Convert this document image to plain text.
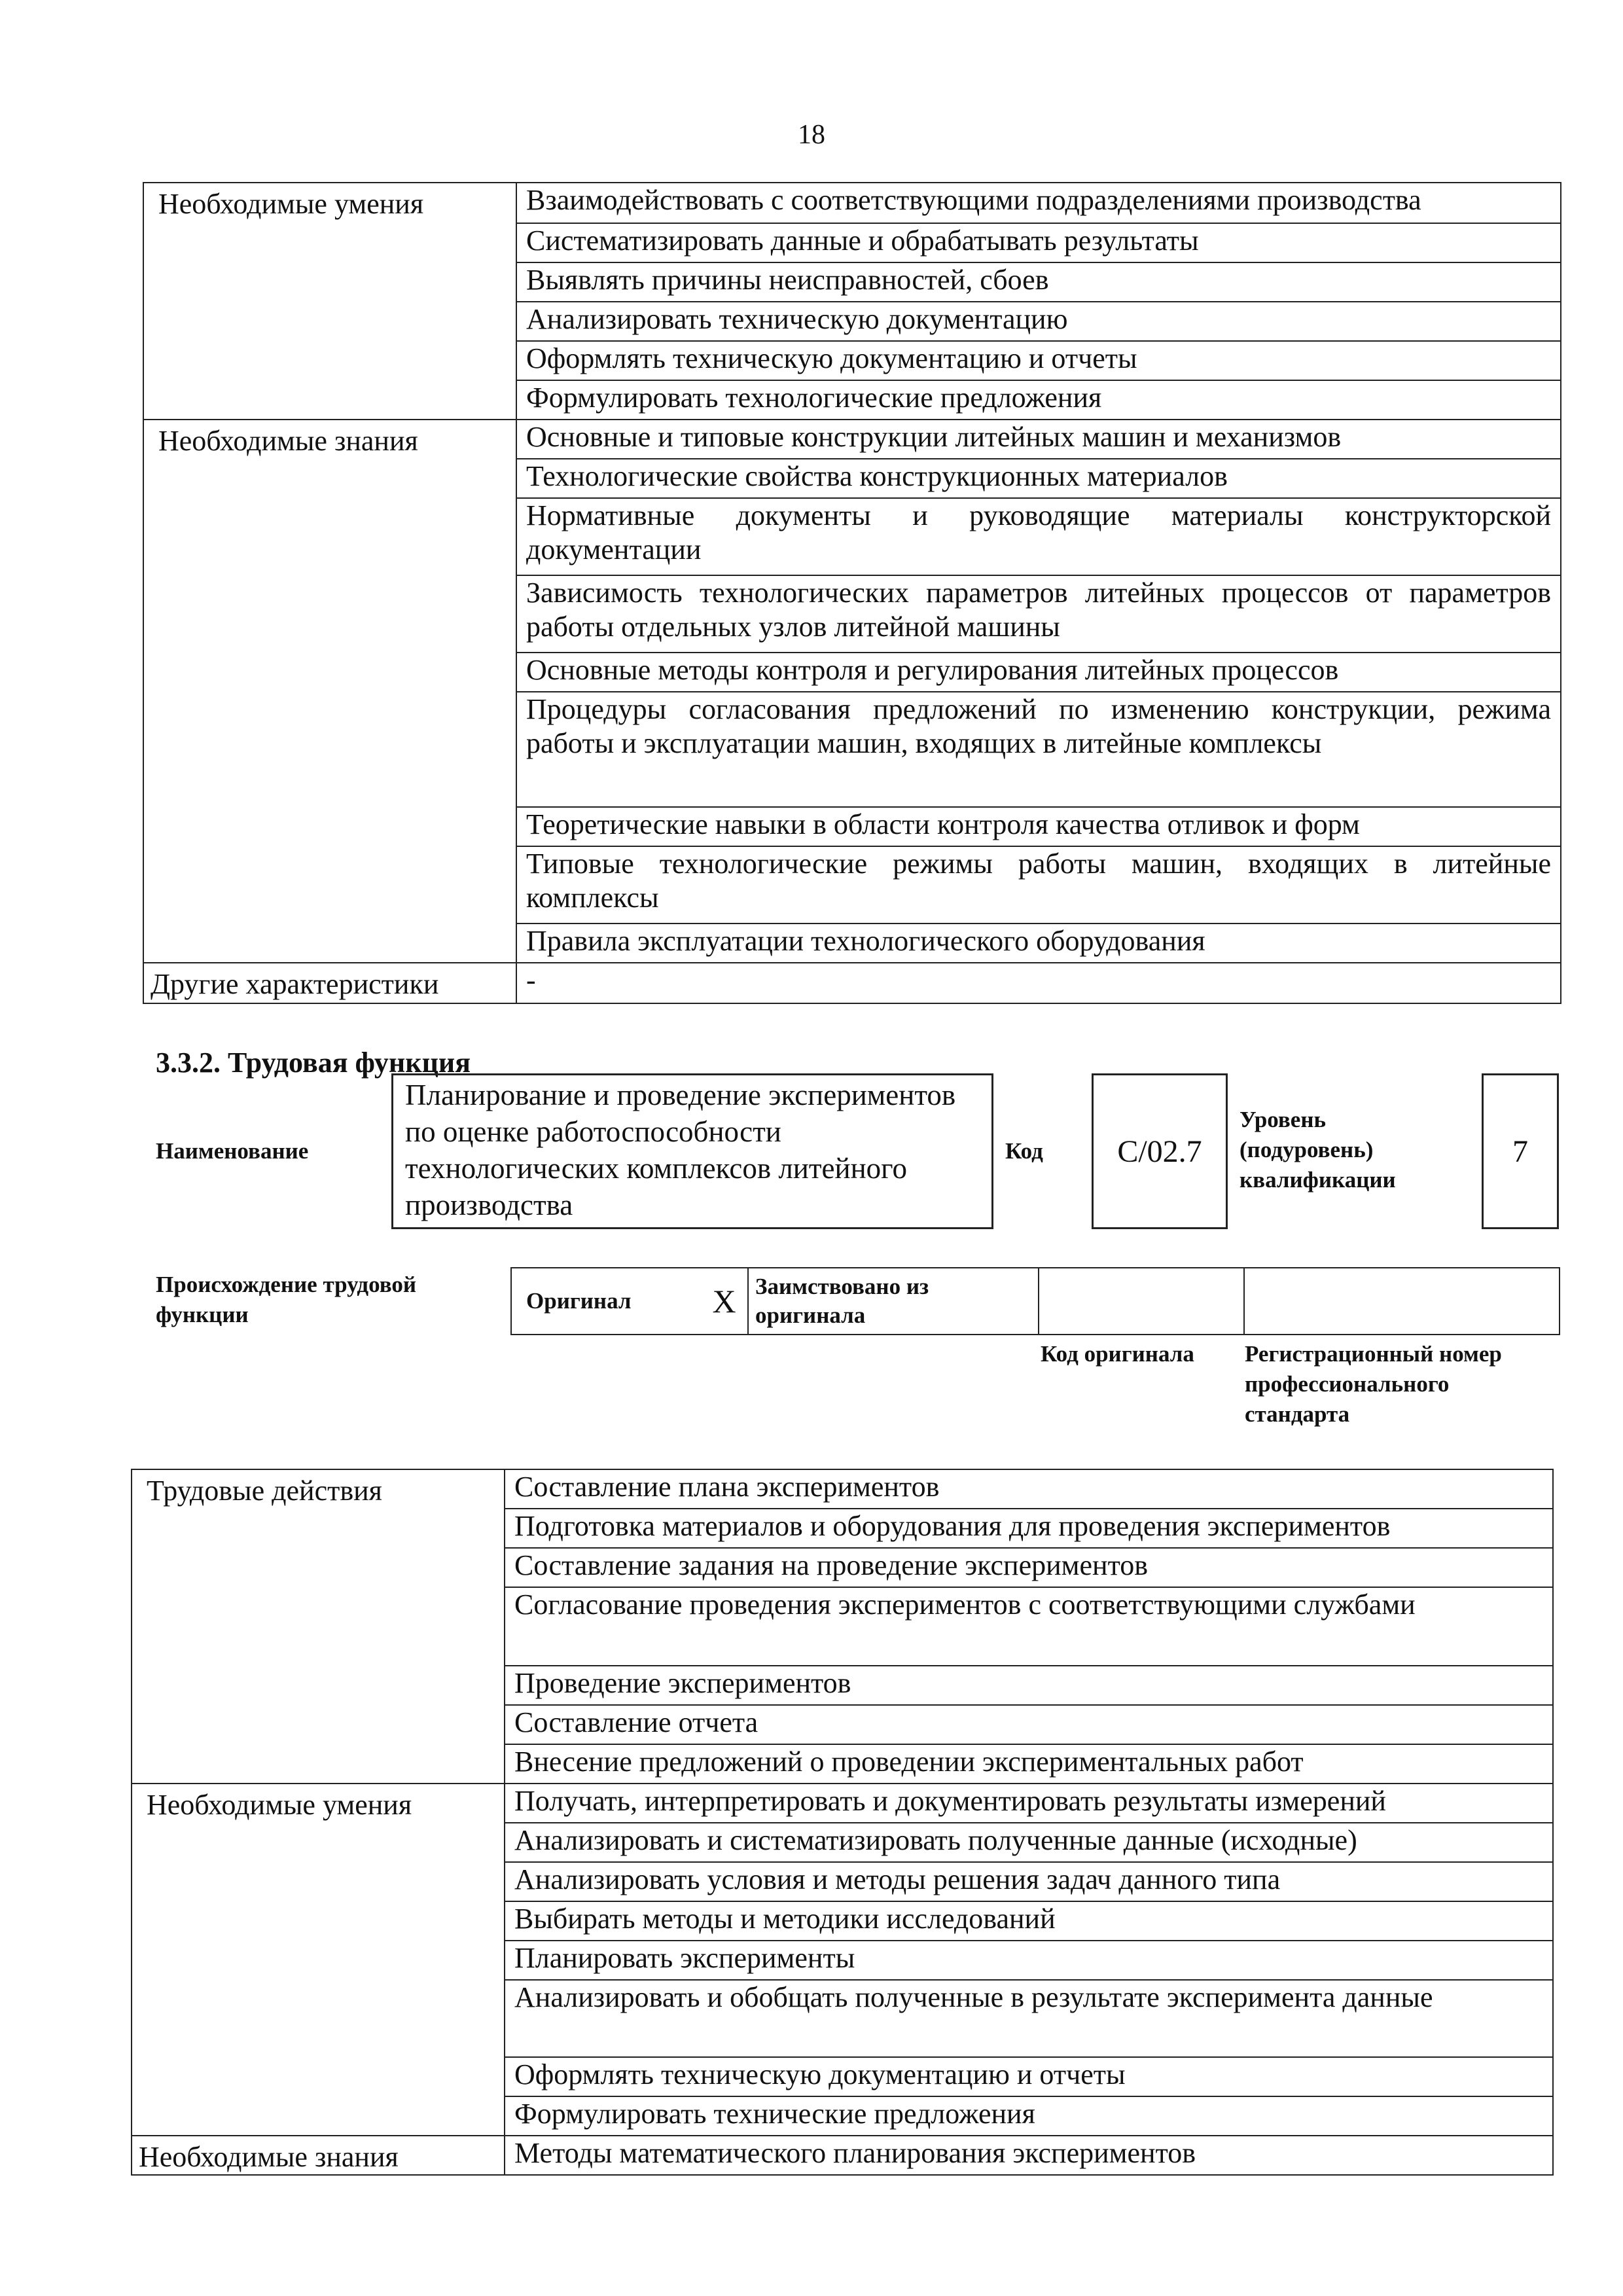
18
Необходимые умения	Взаимодействовать с соответствующими подразделениями производства
	Систематизировать данные и обрабатывать результаты
	Выявлять причины неисправностей, сбоев
	Анализировать техническую документацию
	Оформлять техническую документацию и отчеты
	Формулировать технологические предложения
Необходимые знания	Основные и типовые конструкции литейных машин и механизмов
	Технологические свойства конструкционных материалов
	Нормативные документы и руководящие материалы конструкторской документации
	Зависимость технологических параметров литейных процессов от параметров работы отдельных узлов литейной машины
	Основные методы контроля и регулирования литейных процессов
	Процедуры согласования предложений по изменению конструкции, режима работы и эксплуатации машин, входящих в литейные комплексы
	Теоретические навыки в области контроля качества отливок и форм
	Типовые технологические режимы работы машин, входящих в литейные комплексы
	Правила эксплуатации технологического оборудования
Другие характеристики	-
3.3.2. Трудовая функция
Наименование
Планирование и проведение экспериментов по оценке работоспособности технологических комплексов литейного производства
Код	C/02.7
Уровень (подуровень) квалификации
7
Происхождение трудовой функции
Оригинал	X	Заимствовано из оригинала		
Код оригинала Регистрационный номер профессионального стандарта
Трудовые действия	Составление плана экспериментов
	Подготовка материалов и оборудования для проведения экспериментов
	Составление задания на проведение экспериментов
	Согласование проведения экспериментов с соответствующими службами
	Проведение экспериментов
	Составление отчета
	Внесение предложений о проведении экспериментальных работ
Необходимые умения	Получать, интерпретировать и документировать результаты измерений
	Анализировать и систематизировать полученные данные (исходные)
	Анализировать условия и методы решения задач данного типа
	Выбирать методы и методики исследований
	Планировать эксперименты
	Анализировать и обобщать полученные в результате эксперимента данные
	Оформлять техническую документацию и отчеты
	Формулировать технические предложения
Необходимые знания	Методы математического планирования экспериментов
